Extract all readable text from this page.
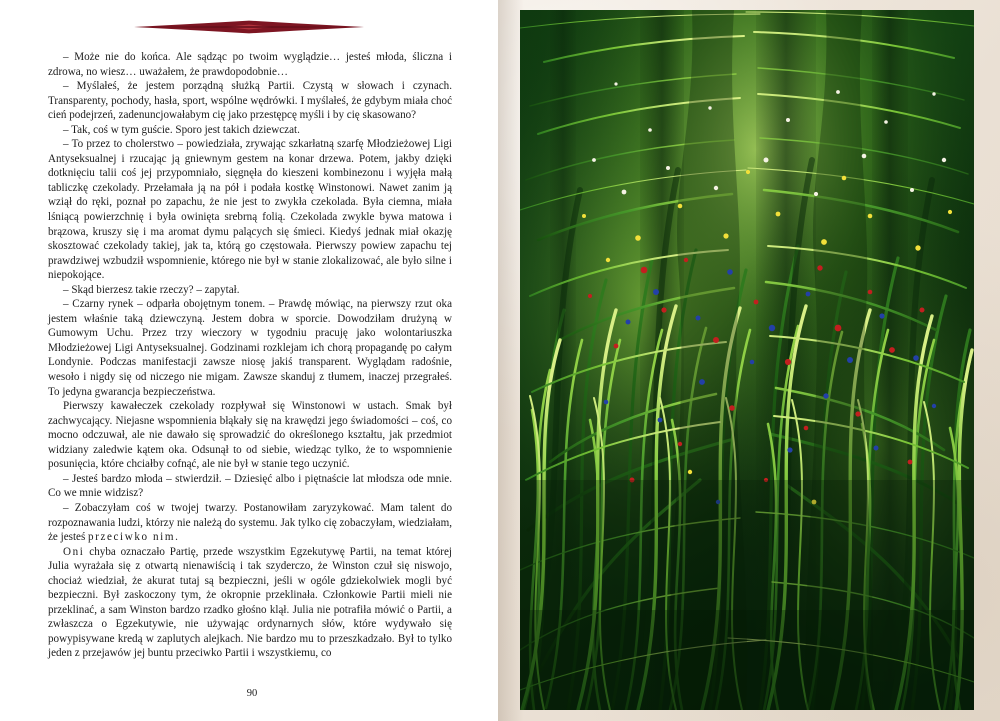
– Może nie do końca. Ale sądząc po twoim wyglądzie… jesteś młoda, śliczna i zdrowa, no wiesz… uważałem, że prawdopodobnie…

– Myślałeś, że jestem porządną służką Partii. Czystą w słowach i czynach. Transparenty, pochody, hasła, sport, wspólne wędrówki. I myślałeś, że gdybym miała choć cień podejrzeń, zadenuncjowałabym cię jako przestępcę myśli i by cię skasowano?

– Tak, coś w tym guście. Sporo jest takich dziewczat.

– To przez to cholerstwo – powiedziała, zrywając szkarłatną szarfę Młodzieżowej Ligi Antyseksualnej i rzucając ją gniewnym gestem na konar drzewa. Potem, jakby dzięki dotknięciu talii coś jej przypomniało, sięgnęła do kieszeni kombinezonu i wyjęła małą tabliczkę czekolady. Przełamała ją na pół i podała kostkę Winstonowi. Nawet zanim ją wziął do ręki, poznał po zapachu, że nie jest to zwykła czekolada. Była ciemna, miała lśniącą powierzchnię i była owinięta srebrną folią. Czekolada zwykle bywa matowa i brązowa, kruszy się i ma aromat dymu palących się śmieci. Kiedyś jednak miał okazję skosztować czekolady takiej, jak ta, którą go częstowała. Pierwszy powiew zapachu tej prawdziwej wzbudził wspomnienie, którego nie był w stanie zlokalizować, ale było silne i niepokojące.

– Skąd bierzesz takie rzeczy? – zapytał.

– Czarny rynek – odparła obojętnym tonem. – Prawdę mówiąc, na pierwszy rzut oka jestem właśnie taką dziewczyną. Jestem dobra w sporcie. Dowodziłam drużyną w Gumowym Uchu. Przez trzy wieczory w tygodniu pracuję jako wolontariuszka Młodzieżowej Ligi Antyseksualnej. Godzinami rozklejam ich chorą propagandę po całym Londynie. Podczas manifestacji zawsze niosę jakiś transparent. Wyglądam radośnie, wesoło i nigdy się od niczego nie migam. Zawsze skanduj z tłumem, inaczej przegrałeś. To jedyna gwarancja bezpieczeństwa.

Pierwszy kawałeczek czekolady rozpływał się Winstonowi w ustach. Smak był zachwycający. Niejasne wspomnienia błąkały się na krawędzi jego świadomości – coś, co mocno odczuwał, ale nie dawało się sprowadzić do określonego kształtu, jak przedmiot widziany zaledwie kątem oka. Odsunął to od siebie, wiedząc tylko, że to wspomnienie posunięcia, które chciałby cofnąć, ale nie był w stanie tego uczynić.

– Jesteś bardzo młoda – stwierdził. – Dziesięć albo i piętnaście lat młodsza ode mnie. Co we mnie widzisz?

– Zobaczyłam coś w twojej twarzy. Postanowiłam zaryzykować. Mam talent do rozpoznawania ludzi, którzy nie należą do systemu. Jak tylko cię zobaczyłam, wiedziałam, że jesteś przeciwko nim.

Oni chyba oznaczało Partię, przede wszystkim Egzekutywę Partii, na temat której Julia wyrażała się z otwartą nienawiścią i tak szyderczo, że Winston czuł się niswojo, chociaż wiedział, że akurat tutaj są bezpieczni, jeśli w ogóle gdziekolwiek mogli być bezpieczni. Był zaskoczony tym, że okropnie przeklinała. Członkowie Partii mieli nie przeklinać, a sam Winston bardzo rzadko głośno klął. Julia nie potrafiła mówić o Partii, a zwłaszcza o Egzekutywie, nie używając ordynarnych słów, które wydywało się powypisywane kredą w zaplutych alejkach. Nie bardzo mu to przeszkadzało. Był to tylko jeden z przejawów jej buntu przeciwko Partii i wszystkiemu, co

90
